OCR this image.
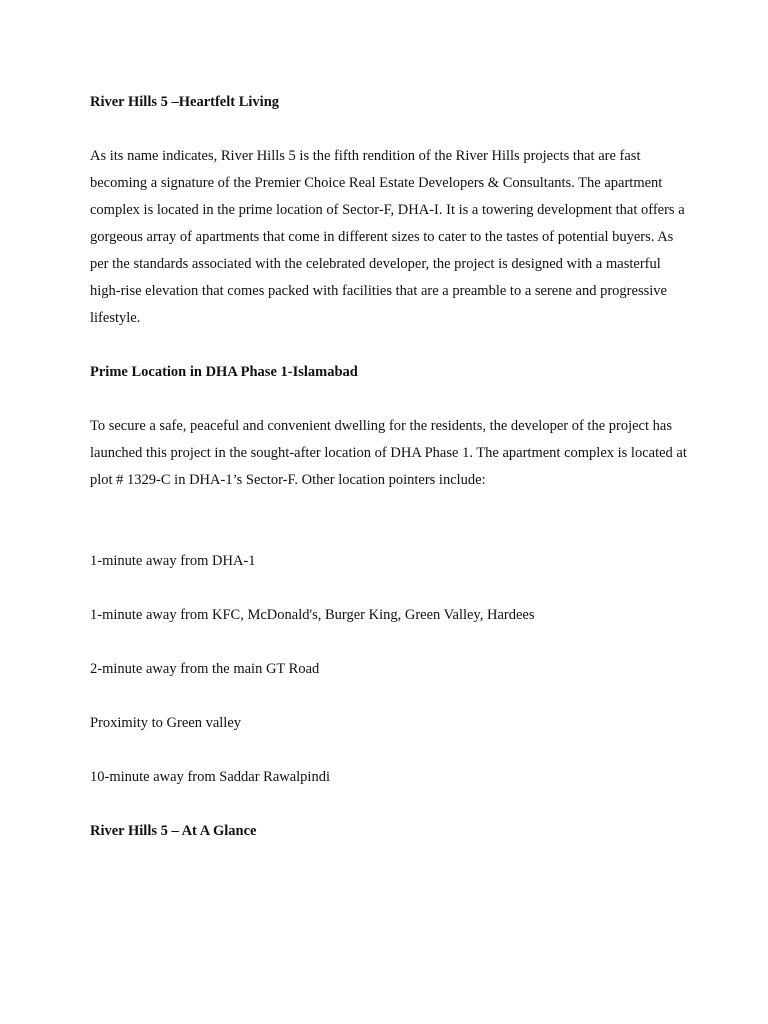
River Hills 5 –Heartfelt Living

As its name indicates, River Hills 5 is the fifth rendition of the River Hills projects that are fast becoming a signature of the Premier Choice Real Estate Developers & Consultants. The apartment complex is located in the prime location of Sector-F, DHA-I. It is a towering development that offers a gorgeous array of apartments that come in different sizes to cater to the tastes of potential buyers. As per the standards associated with the celebrated developer, the project is designed with a masterful high-rise elevation that comes packed with facilities that are a preamble to a serene and progressive lifestyle.

Prime Location in DHA Phase 1-Islamabad

To secure a safe, peaceful and convenient dwelling for the residents, the developer of the project has launched this project in the sought-after location of DHA Phase 1. The apartment complex is located at plot # 1329-C in DHA-1’s Sector-F. Other location pointers include:

1-minute away from DHA-1

1-minute away from KFC, McDonald's, Burger King, Green Valley, Hardees

2-minute away from the main GT Road

Proximity to Green valley

10-minute away from Saddar Rawalpindi

River Hills 5 – At A Glance
